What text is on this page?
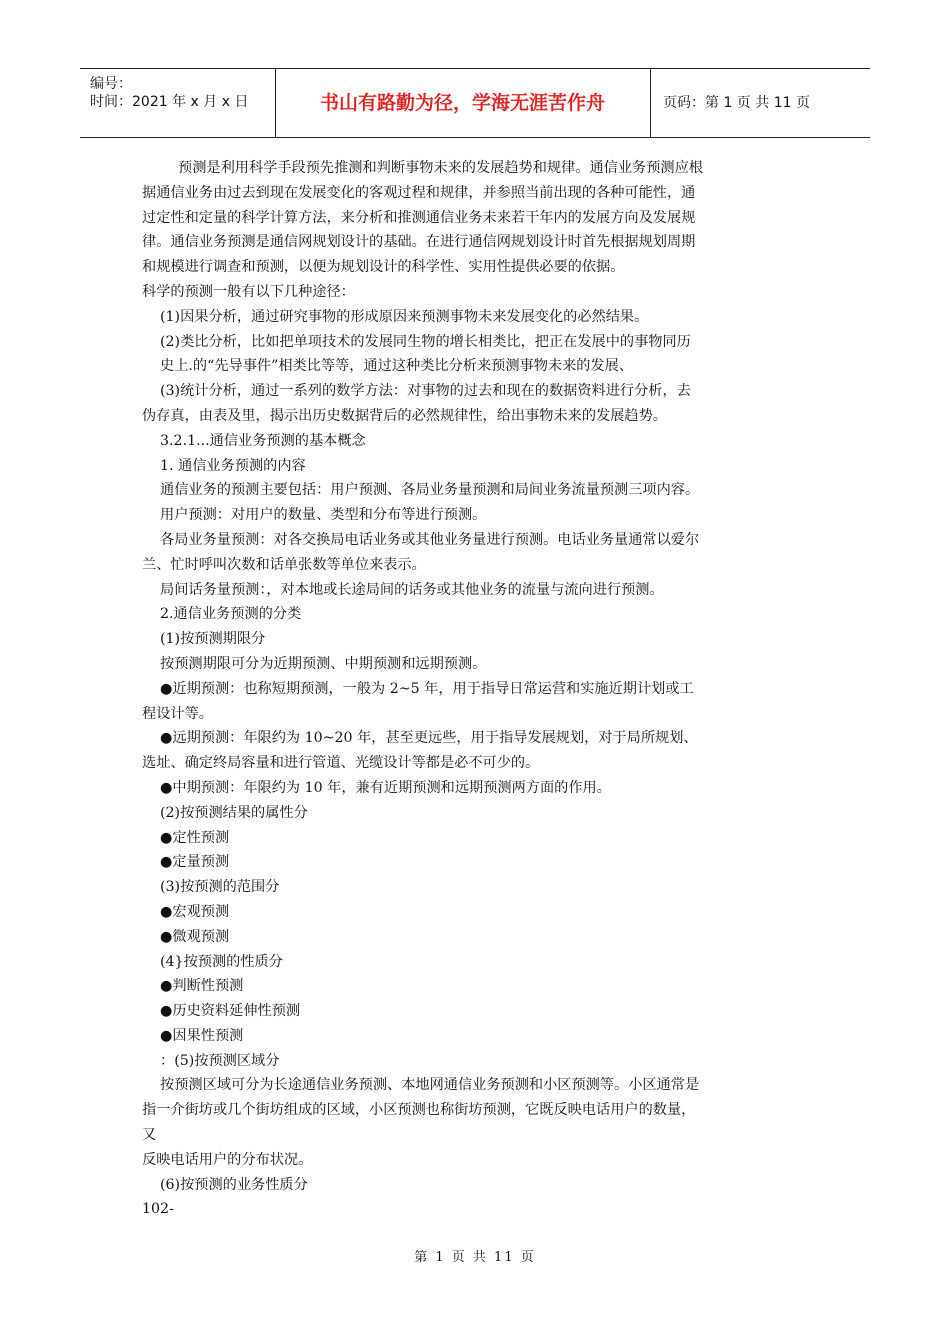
编号：
时间：2021 年 x 月 x 日	书山有路勤为径，学海无涯苦作舟	页码：第 1 页 共 11 页

预测是利用科学手段预先推测和判断事物未来的发展趋势和规律。通信业务预测应根

据通信业务由过去到现在发展变化的客观过程和规律，并参照当前出现的各种可能性，通

过定性和定量的科学计算方法，来分析和推测通信业务未来若干年内的发展方向及发展规

律。通信业务预测是通信网规划设计的基础。在进行通信网规划设计时首先根据规划周期

和规模进行调查和预测，以便为规划设计的科学性、实用性提供必要的依据。

科学的预测一般有以下几种途径：

(1)因果分析，通过研究事物的形成原因来预测事物未来发展变化的必然结果。

(2)类比分析，比如把单项技术的发展同生物的增长相类比，把正在发展中的事物同历

史上.的“先导事件”相类比等等，通过这种类比分析来预测事物未来的发展、

(3)统计分析，通过一系列的数学方法：对事物的过去和现在的数据资料进行分析，去

伪存真，由表及里，揭示出历史数据背后的必然规律性，给出事物未来的发展趋势。

3.2.1...通信业务预测的基本概念

1. 通信业务预测的内容

通信业务的预测主要包括：用户预测、各局业务量预测和局间业务流量预测三项内容。

用户预测：对用户的数量、类型和分布等进行预测。

各局业务量预测：对各交换局电话业务或其他业务量进行预测。电话业务量通常以爱尔

兰、忙时呼叫次数和话单张数等单位来表示。

局间话务量预测：，对本地或长途局间的话务或其他业务的流量与流向进行预测。

2.通信业务预测的分类

(1)按预测期限分

按预测期限可分为近期预测、中期预测和远期预测。

●近期预测：也称短期预测，一般为 2~5 年，用于指导日常运营和实施近期计划或工

程设计等。

●远期预测：年限约为 10~20 年，甚至更远些，用于指导发展规划，对于局所规划、

选址、确定终局容量和进行管道、光缆设计等都是必不可少的。

●中期预测：年限约为 10 年，兼有近期预测和远期预测两方面的作用。

(2)按预测结果的属性分

●定性预测

●定量预测

(3)按预测的范围分

●宏观预测

●微观预测

(4}按预测的性质分

●判断性预测

●历史资料延伸性预测

●因果性预测

：(5)按预测区域分

按预测区域可分为长途通信业务预测、本地网通信业务预测和小区预测等。小区通常是

指一介街坊或几个街坊组成的区域，小区预测也称街坊预测，它既反映电话用户的数量，

又

反映电话用户的分布状况。

(6)按预测的业务性质分

102-

第 1 页 共 11 页
